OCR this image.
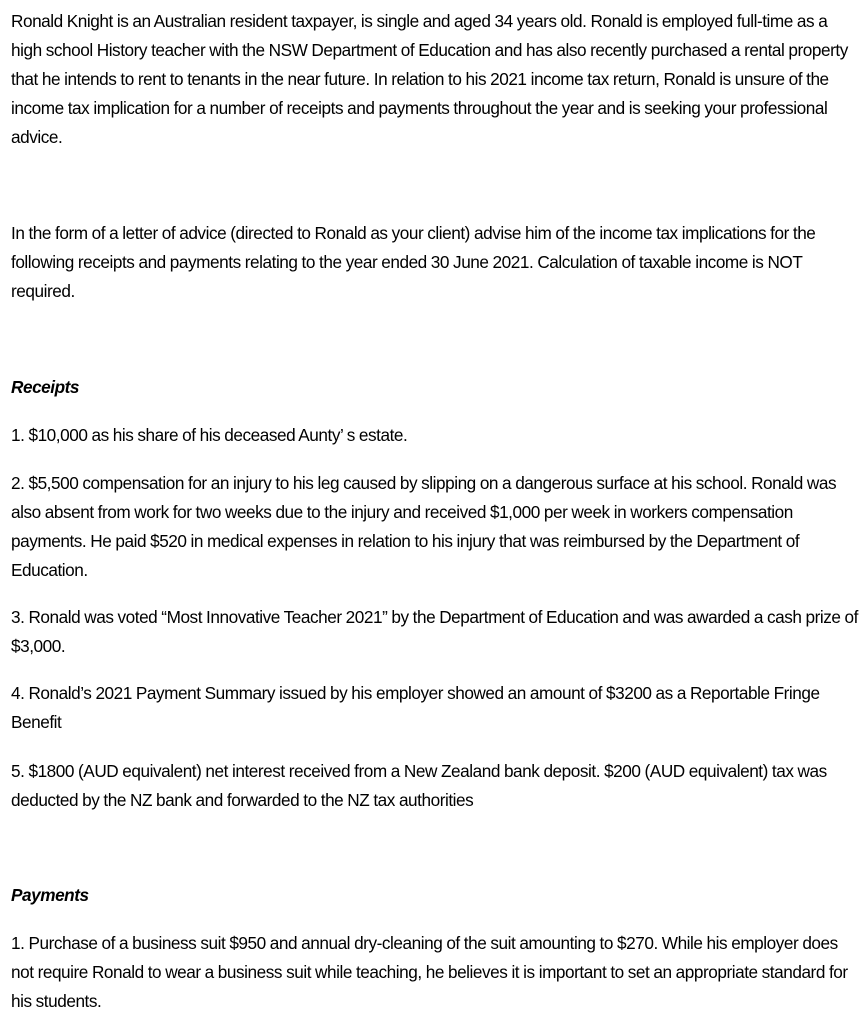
Ronald Knight is an Australian resident taxpayer, is single and aged 34 years old. Ronald is employed full-time as a high school History teacher with the NSW Department of Education and has also recently purchased a rental property that he intends to rent to tenants in the near future. In relation to his 2021 income tax return, Ronald is unsure of the income tax implication for a number of receipts and payments throughout the year and is seeking your professional advice.

In the form of a letter of advice (directed to Ronald as your client) advise him of the income tax implications for the following receipts and payments relating to the year ended 30 June 2021. Calculation of taxable income is NOT required.

Receipts

1. $10,000 as his share of his deceased Aunty’ s estate.

2. $5,500 compensation for an injury to his leg caused by slipping on a dangerous surface at his school. Ronald was also absent from work for two weeks due to the injury and received $1,000 per week in workers compensation payments. He paid $520 in medical expenses in relation to his injury that was reimbursed by the Department of Education.

3. Ronald was voted “Most Innovative Teacher 2021” by the Department of Education and was awarded a cash prize of $3,000.

4. Ronald’s 2021 Payment Summary issued by his employer showed an amount of $3200 as a Reportable Fringe Benefit

5. $1800 (AUD equivalent) net interest received from a New Zealand bank deposit. $200 (AUD equivalent) tax was deducted by the NZ bank and forwarded to the NZ tax authorities

Payments

1. Purchase of a business suit $950 and annual dry-cleaning of the suit amounting to $270. While his employer does not require Ronald to wear a business suit while teaching, he believes it is important to set an appropriate standard for his students.
